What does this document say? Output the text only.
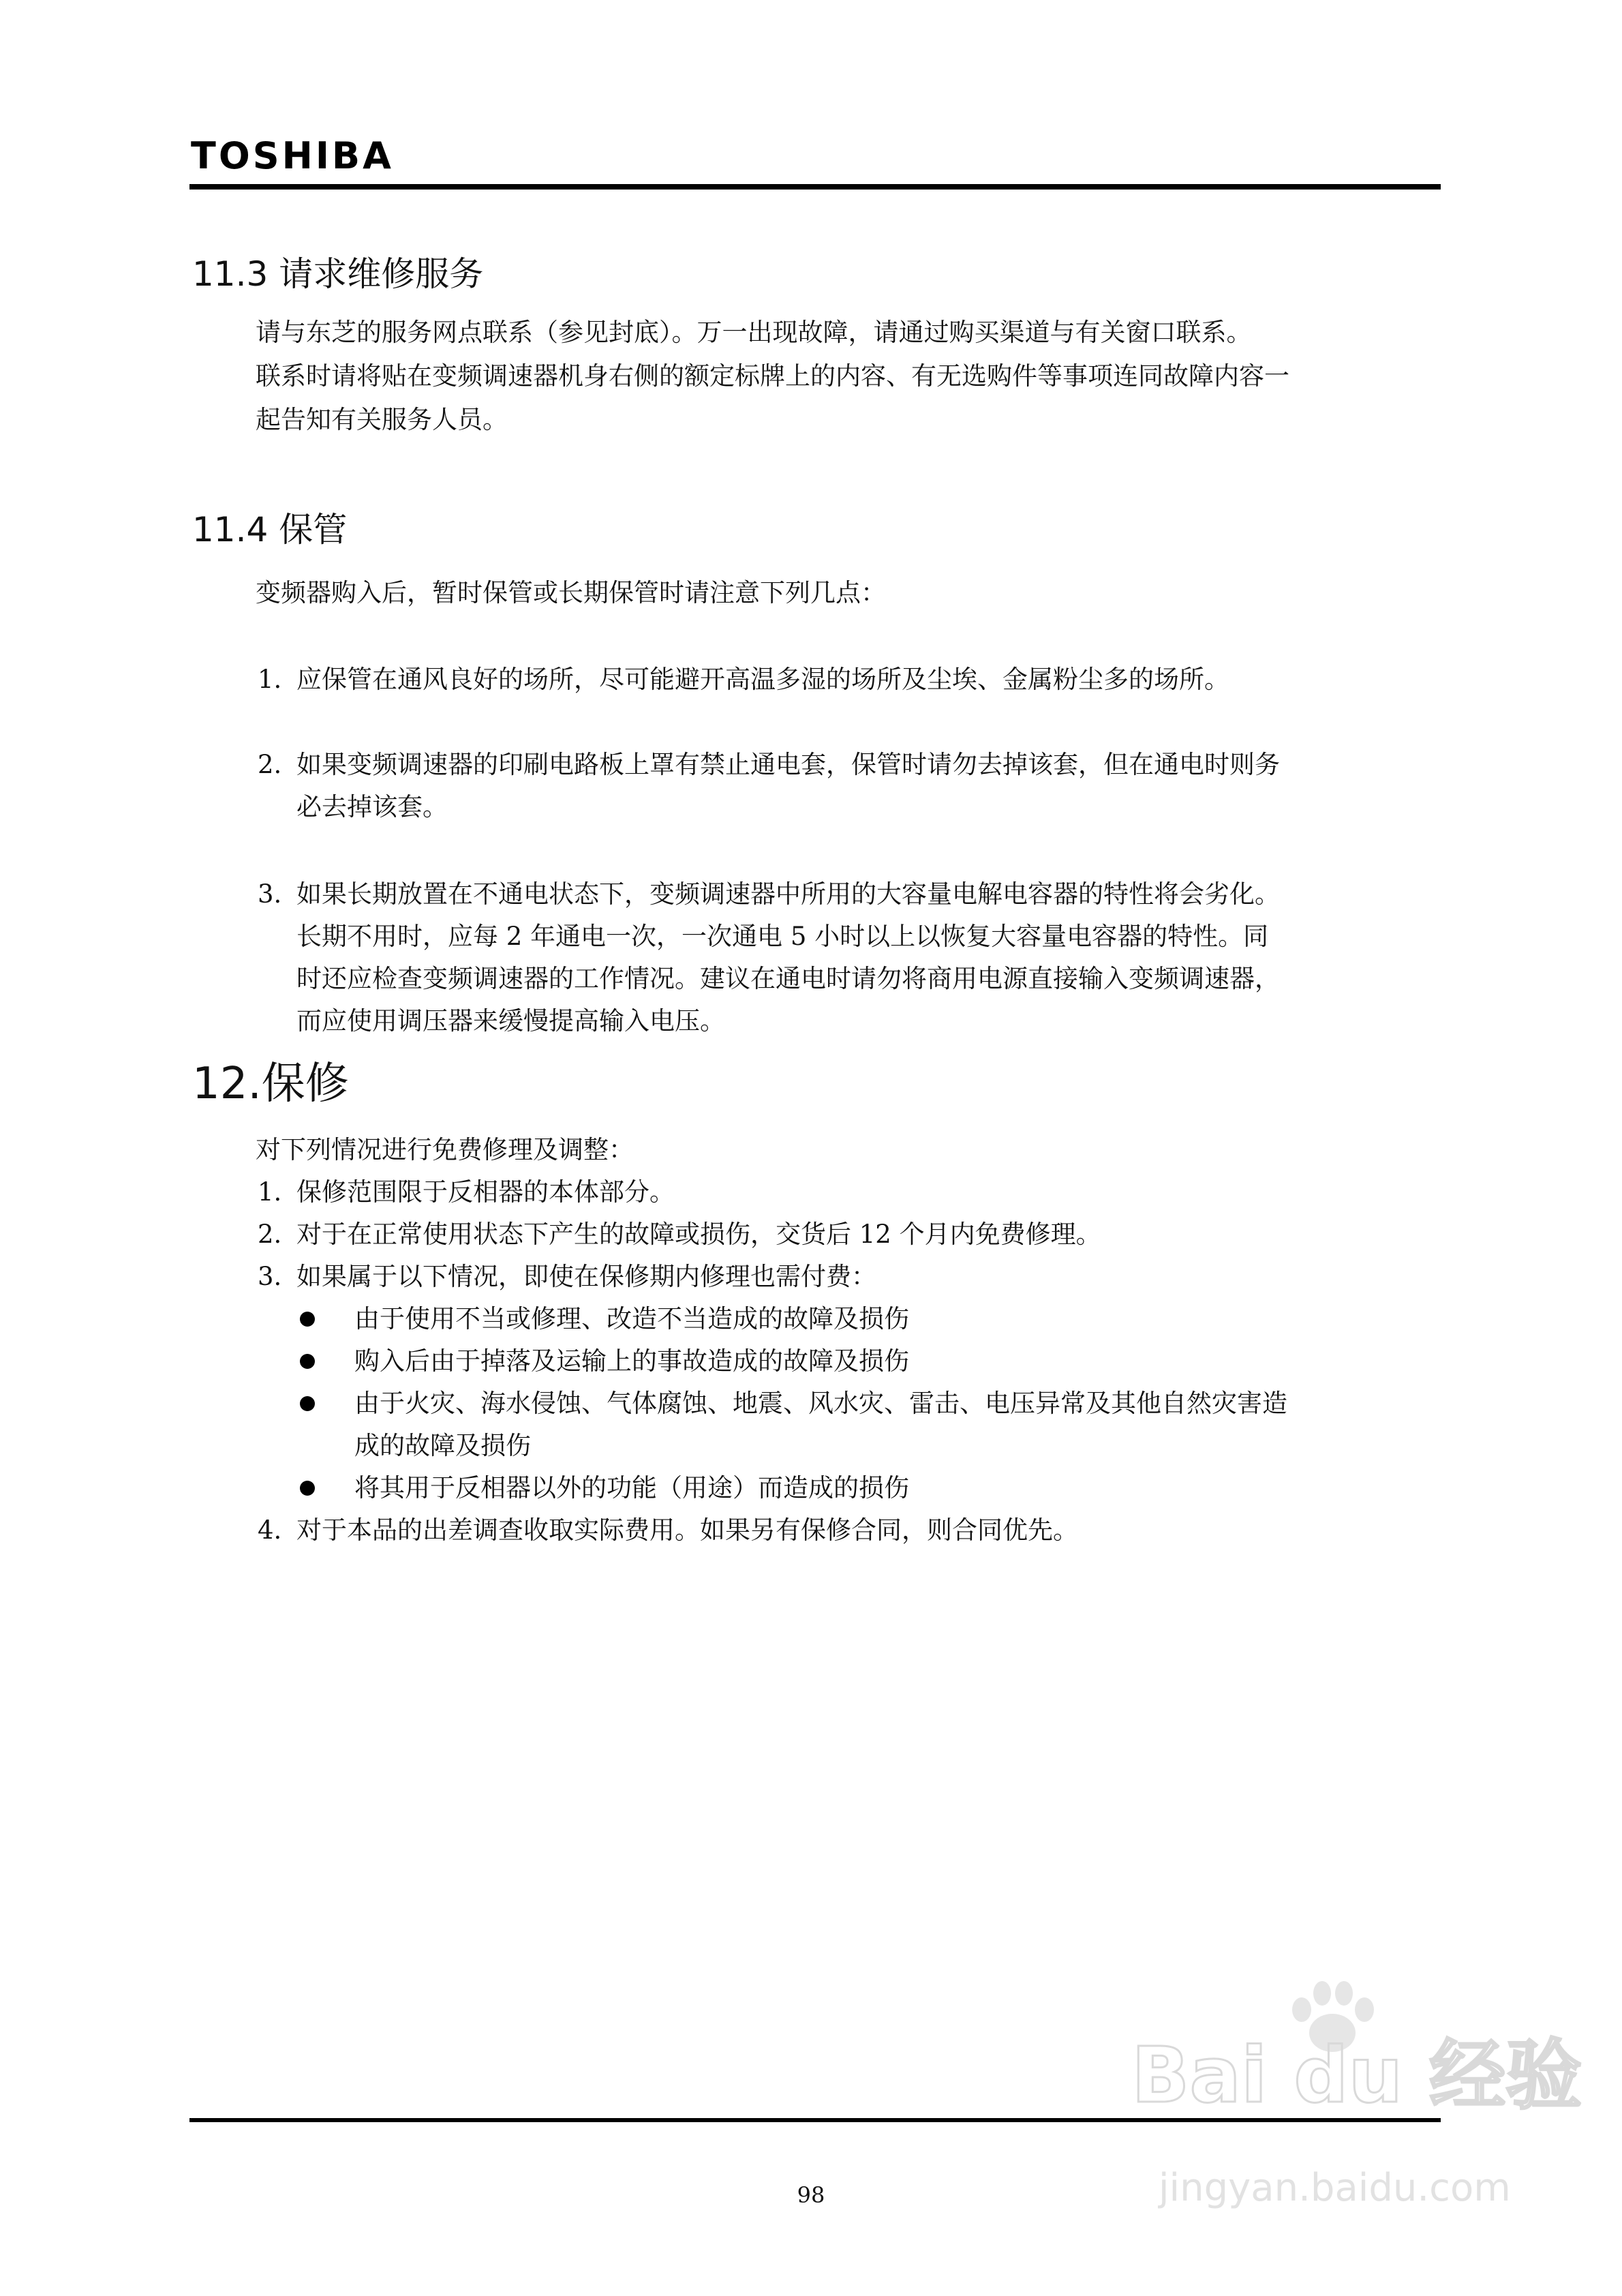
TOSHIBA
11.3 请求维修服务
请与东芝的服务网点联系（参见封底）。万一出现故障，请通过购买渠道与有关窗口联系。
联系时请将贴在变频调速器机身右侧的额定标牌上的内容、有无选购件等事项连同故障内容一
起告知有关服务人员。
11.4 保管
变频器购入后，暂时保管或长期保管时请注意下列几点：
1. 应保管在通风良好的场所，尽可能避开高温多湿的场所及尘埃、金属粉尘多的场所。
2. 如果变频调速器的印刷电路板上罩有禁止通电套，保管时请勿去掉该套，但在通电时则务
必去掉该套。
3. 如果长期放置在不通电状态下，变频调速器中所用的大容量电解电容器的特性将会劣化。
长期不用时，应每 2 年通电一次，一次通电 5 小时以上以恢复大容量电容器的特性。同
时还应检查变频调速器的工作情况。建议在通电时请勿将商用电源直接输入变频调速器，
而应使用调压器来缓慢提高输入电压。
12.保修
对下列情况进行免费修理及调整：
1. 保修范围限于反相器的本体部分。
2. 对于在正常使用状态下产生的故障或损伤，交货后 12 个月内免费修理。
3. 如果属于以下情况，即使在保修期内修理也需付费：
由于使用不当或修理、改造不当造成的故障及损伤
购入后由于掉落及运输上的事故造成的故障及损伤
由于火灾、海水侵蚀、气体腐蚀、地震、风水灾、雷击、电压异常及其他自然灾害造
成的故障及损伤
将其用于反相器以外的功能（用途）而造成的损伤
4. 对于本品的出差调查收取实际费用。如果另有保修合同，则合同优先。
98
Bai du 经验
jingyan.baidu.com
